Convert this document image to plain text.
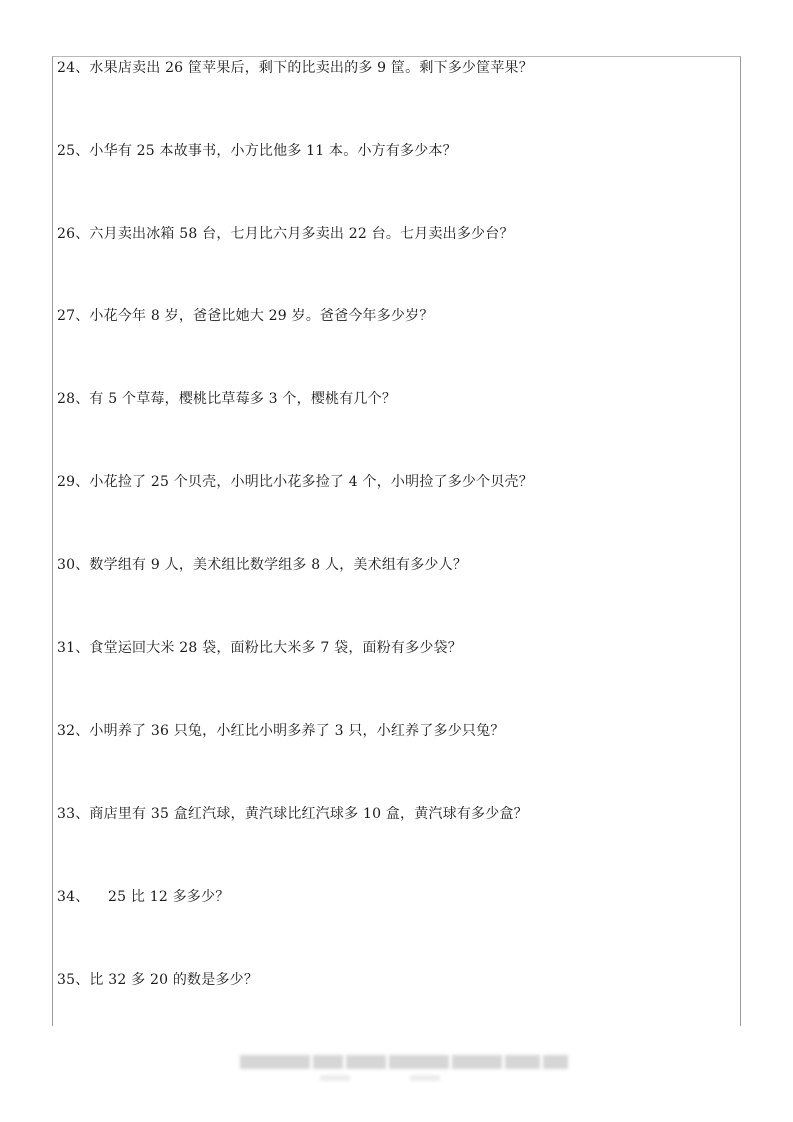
24、水果店卖出 26 筐苹果后，剩下的比卖出的多 9 筐。剩下多少筐苹果？
25、小华有 25 本故事书，小方比他多 11 本。小方有多少本？
26、六月卖出冰箱 58 台，七月比六月多卖出 22 台。七月卖出多少台？
27、小花今年 8 岁，爸爸比她大 29 岁。爸爸今年多少岁？
28、有 5 个草莓，樱桃比草莓多 3 个，樱桃有几个？
29、小花捡了 25 个贝壳，小明比小花多捡了 4 个，小明捡了多少个贝壳？
30、数学组有 9 人，美术组比数学组多 8 人，美术组有多少人？
31、食堂运回大米 28 袋，面粉比大米多 7 袋，面粉有多少袋？
32、小明养了 36 只兔，小红比小明多养了 3 只，小红养了多少只兔？
33、商店里有 35 盒红汽球，黄汽球比红汽球多 10 盒，黄汽球有多少盒？
34、    25 比 12 多多少？
35、比 32 多 20 的数是多少？
